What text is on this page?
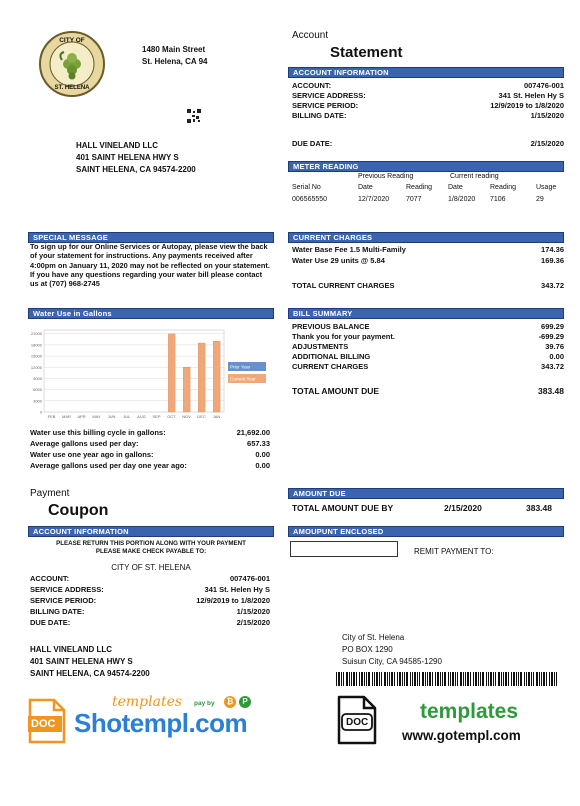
CITY OF
ST. HELENA
1480 Main Street
St. Helena, CA 94
HALL VINELAND LLC
401 SAINT HELENA HWY S
SAINT HELENA, CA 94574-2200
Account
Statement
ACCOUNT INFORMATION
ACCOUNT:	007476-001
SERVICE ADDRESS:	341 St. Helen Hy S
SERVICE PERIOD:	12/9/2019 to 1/8/2020
BILLING DATE:	1/15/2020
DUE DATE:	2/15/2020
METER READING
Previous Reading	Current reading
Serial No	Date	Reading Date	Reading	Usage
006565550	12/7/2020 7077	1/8/2020 7106	29
SPECIAL MESSAGE
To sign up for our Online Services or Autopay, please view the back of your statement for instructions. Any payments received after 4:00pm on January 11, 2020 may not be reflected on your statement. If you have any questions regarding your water bill please contact us at (707) 968-2745
CURRENT CHARGES
Water Base Fee 1.5 Multi-Family	174.36
Water Use 29 units @ 5.84	169.36
TOTAL CURRENT CHARGES	343.72
Water Use in Gallons
0
3000
6000
9000
12000
15000
18000
21000
FEB MAR APR MAY JUN JUL AUG SEP OCT NOV DEC JAN
Prior Year
Current Year
Water use this billing cycle in gallons:	21,692.00
Average gallons used per day:	657.33
Water use one year ago in gallons:	0.00
Average gallons used per day one year ago:	0.00
BILL SUMMARY
PREVIOUS BALANCE	699.29
Thank you for your payment.	-699.29
ADJUSTMENTS	39.76
ADDITIONAL BILLING	0.00
CURRENT CHARGES	343.72
TOTAL AMOUNT DUE	383.48
Payment
Coupon
ACCOUNT INFORMATION
PLEASE RETURN THIS PORTION ALONG WITH YOUR PAYMENT
PLEASE MAKE CHECK PAYABLE TO:
CITY OF ST. HELENA
ACCOUNT:	007476-001
SERVICE ADDRESS:	341 St. Helen Hy S
SERVICE PERIOD:	12/9/2019 to 1/8/2020
BILLING DATE:	1/15/2020
DUE DATE:	2/15/2020
HALL VINELAND LLC
401 SAINT HELENA HWY S
SAINT HELENA, CA 94574-2200
AMOUNT DUE
TOTAL AMOUNT DUE BY	2/15/2020	383.48
AMOUPUNT ENCLOSED
REMIT PAYMENT TO:
City of St. Helena
PO BOX 1290
Suisun City, CA 94585-1290
DOC
templates pay by	₿	P
Shotempl.com	DOC templates
www.gotempl.com
